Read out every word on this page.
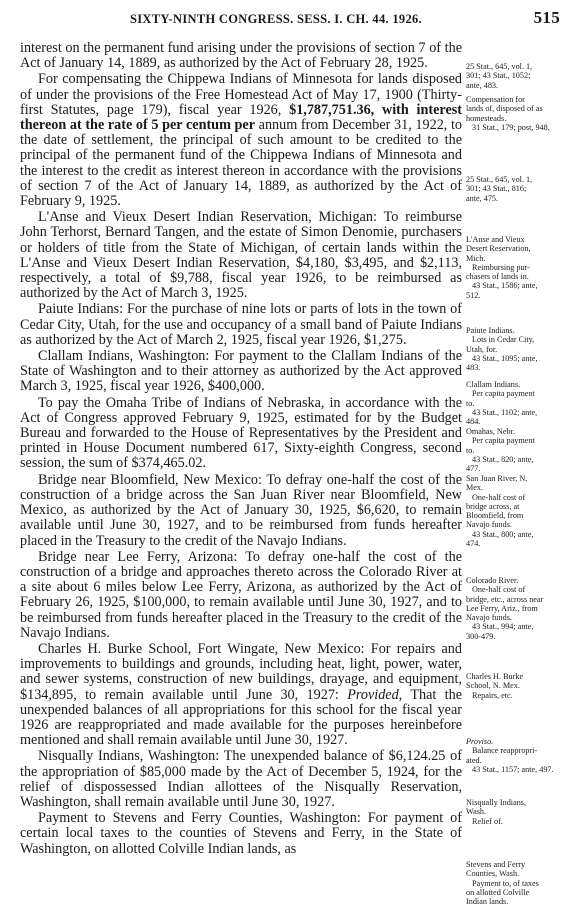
SIXTY-NINTH CONGRESS. SESS. I. CH. 44. 1926.	515

interest on the permanent fund arising under the provisions of section 7 of the Act of January 14, 1889, as authorized by the Act of February 28, 1925.

For compensating the Chippewa Indians of Minnesota for lands disposed of under the provisions of the Free Homestead Act of May 17, 1900 (Thirty-first Statutes, page 179), fiscal year 1926, $1,787,751.36, with interest thereon at the rate of 5 per centum per annum from December 31, 1922, to the date of settlement, the principal of such amount to be credited to the principal of the permanent fund of the Chippewa Indians of Minnesota and the interest to the credit as interest thereon in accordance with the provisions of section 7 of the Act of January 14, 1889, as authorized by the Act of February 9, 1925.

L'Anse and Vieux Desert Indian Reservation, Michigan: To reimburse John Terhorst, Bernard Tangen, and the estate of Simon Denomie, purchasers or holders of title from the State of Michigan, of certain lands within the L'Anse and Vieux Desert Indian Reservation, $4,180, $3,495, and $2,113, respectively, a total of $9,788, fiscal year 1926, to be reimbursed as authorized by the Act of March 3, 1925.

Paiute Indians: For the purchase of nine lots or parts of lots in the town of Cedar City, Utah, for the use and occupancy of a small band of Paiute Indians as authorized by the Act of March 2, 1925, fiscal year 1926, $1,275.

Clallam Indians, Washington: For payment to the Clallam Indians of the State of Washington and to their attorney as authorized by the Act approved March 3, 1925, fiscal year 1926, $400,000.

To pay the Omaha Tribe of Indians of Nebraska, in accordance with the Act of Congress approved February 9, 1925, estimated for by the Budget Bureau and forwarded to the House of Representatives by the President and printed in House Document numbered 617, Sixty-eighth Congress, second session, the sum of $374,465.02.

Bridge near Bloomfield, New Mexico: To defray one-half the cost of the construction of a bridge across the San Juan River near Bloomfield, New Mexico, as authorized by the Act of January 30, 1925, $6,620, to remain available until June 30, 1927, and to be reimbursed from funds hereafter placed in the Treasury to the credit of the Navajo Indians.

Bridge near Lee Ferry, Arizona: To defray one-half the cost of the construction of a bridge and approaches thereto across the Colorado River at a site about 6 miles below Lee Ferry, Arizona, as authorized by the Act of February 26, 1925, $100,000, to remain available until June 30, 1927, and to be reimbursed from funds hereafter placed in the Treasury to the credit of the Navajo Indians.

Charles H. Burke School, Fort Wingate, New Mexico: For repairs and improvements to buildings and grounds, including heat, light, power, water, and sewer systems, construction of new buildings, drayage, and equipment, $134,895, to remain available until June 30, 1927: Provided, That the unexpended balances of all appropriations for this school for the fiscal year 1926 are reappropriated and made available for the purposes hereinbefore mentioned and shall remain available until June 30, 1927.

Nisqually Indians, Washington: The unexpended balance of $6,124.25 of the appropriation of $85,000 made by the Act of December 5, 1924, for the relief of dispossessed Indian allottees of the Nisqually Reservation, Washington, shall remain available until June 30, 1927.

Payment to Stevens and Ferry Counties, Washington: For payment of certain local taxes to the counties of Stevens and Ferry, in the State of Washington, on allotted Colville Indian lands, as

25 Stat., 645, vol. 1,
301; 43 Stat., 1052;
ante, 483.
Compensation for
lands of, disposed of as
homesteads.
31 Stat., 179; post, 948.
25 Stat., 645, vol. 1,
301; 43 Stat., 816;
ante, 475.
L'Anse and Vieux
Desert Reservation,
Mich.
Reimbursing pur-
chasers of lands in.
43 Stat., 1586; ante,
512.
Paiute Indians.
Lots in Cedar City,
Utah, for.
43 Stat., 1095; ante,
483.
Clallam Indians.
Per capita payment
to.
43 Stat., 1102; ante,
484.
Omahas, Nebr.
Per capita payment
to.
43 Stat., 820; ante,
477.
San Juan River, N.
Mex.
One-half cost of
bridge across, at
Bloomfield, from
Navajo funds.
43 Stat., 800; ante,
474.
Colorado River.
One-half cost of
bridge, etc., across near
Lee Ferry, Ariz., from
Navajo funds.
43 Stat., 994; ante,
300-479.
Charles H. Burke
School, N. Mex.
Repairs, etc.
Proviso.
Balance reappropri-
ated.
43 Stat., 1157; ante, 497.
Nisqually Indians,
Wash.
Relief of.
Stevens and Ferry
Counties, Wash.
Payment to, of taxes
on allotted Colville
Indian lands.
